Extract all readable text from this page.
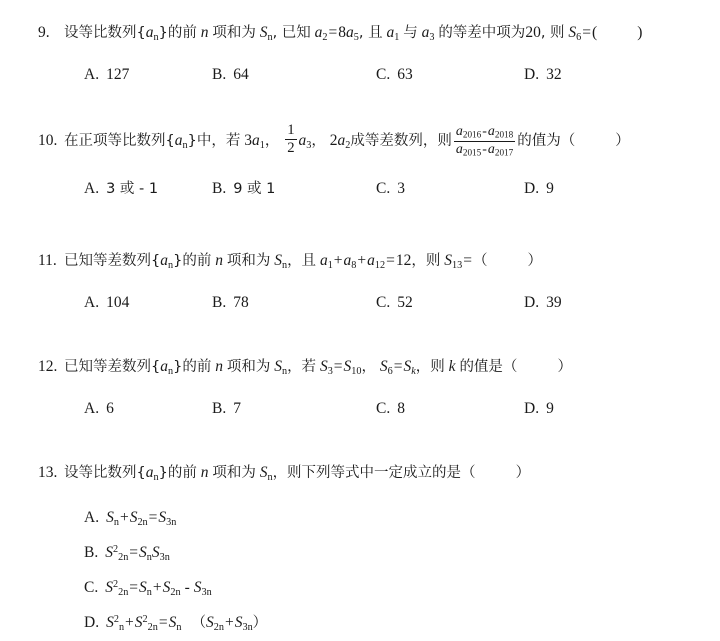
9. 设等比数列$\{a_n\}$的前 n 项和为 $S_n$, 已知 $a_2=8a_5$, 且 $a_1$ 与 $a_3$ 的等差中项为20, 则 $S_6=$(	)
A. 127	B. 64	C. 63	D. 32
10. 在正项等比数列$\{a_n\}$中，若 $3a_1$， $\frac{1}{2} a_3$， $2a_2$成等差数列，则 $\frac{a_{2016}-a_{2018}}{a_{2015}-a_{2017}}$ 的值为（	）
A. 3 或 - 1	B. 9 或 1	C. 3	D. 9
11. 已知等差数列$\{a_n\}$的前 n 项和为 $S_n$，且 $a_1+a_8+a_{12}=12$，则 $S_{13}=$（	）
A. 104	B. 78	C. 52	D. 39
12. 已知等差数列$\{a_n\}$的前 n 项和为 $S_n$，若 $S_3=S_{10}$， $S_6=S_k$，则 k 的值是（	）
A. 6	B. 7	C. 8	D. 9
13. 设等比数列$\{a_n\}$的前 n 项和为 $S_n$，则下列等式中一定成立的是（	）
A. $S_n+S_{2n}=S_{3n}$
B. $S^2_{2n}=S_nS_{3n}$
C. $S^2_{2n}=S_n+S_{2n} - S_{3n}$
D. $S^2_n+S^2_{2n}=S_n$ $(S_{2n}+S_{3n})$
